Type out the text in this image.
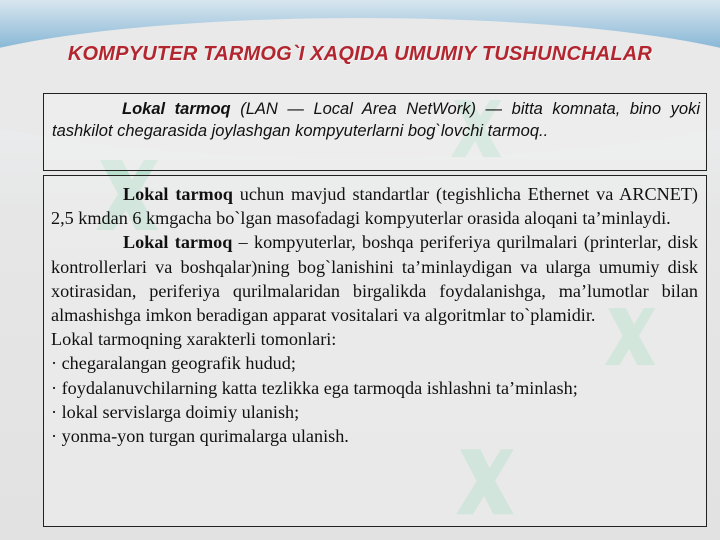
KOMPYUTER TARMOG`I XAQIDA UMUMIY TUSHUNCHALAR
Lokal tarmoq (LAN — Local Area NetWork) — bitta komnata, bino yoki tashkilot chegarasida joylashgan kompyuterlarni bog`lovchi tarmoq..

Lokal tarmoq uchun mavjud standartlar (tegishlicha Ethernet va ARCNET) 2,5 kmdan 6 kmgacha bo`lgan masofadagi kompyuterlar orasida aloqani ta’minlaydi.

Lokal tarmoq – kompyuterlar, boshqa periferiya qurilmalari (printerlar, disk kontrollerlari va boshqalar)ning bog`lanishini ta’minlaydigan va ularga umumiy disk xotirasidan, periferiya qurilmalaridan birgalikda foydalanishga, ma’lumotlar bilan almashishga imkon beradigan apparat vositalari va algoritmlar to`plamidir.

Lokal tarmoqning xarakterli tomonlari:

· chegaralangan geografik hudud;

· foydalanuvchilarning katta tezlikka ega tarmoqda ishlashni ta’minlash;

· lokal servislarga doimiy ulanish;

· yonma-yon turgan qurimalarga ulanish.
